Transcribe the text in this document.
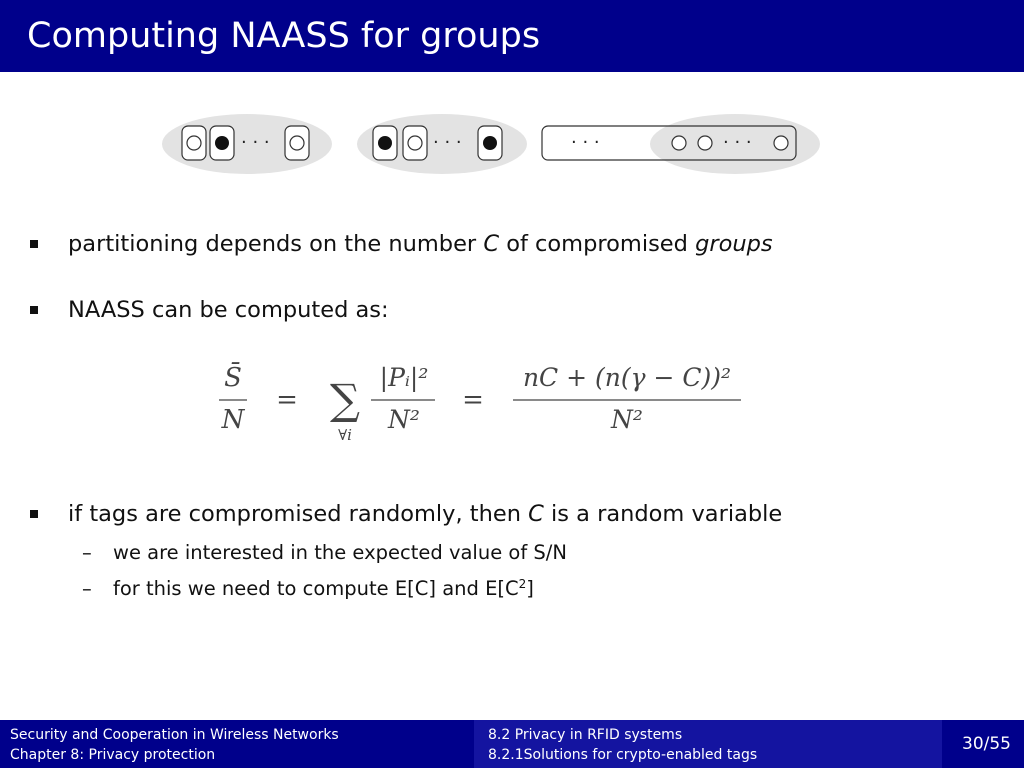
Computing NAASS for groups
· · ·	· · ·	· · ·	· · ·
partitioning depends on the number C of compromised groups
NAASS can be computed as:
S̄
N
= ∑
∀i
|Pᵢ|²
N²
=
nC + (n(γ − C))²
N²
if tags are compromised randomly, then C is a random variable
– we are interested in the expected value of S/N
– for this we need to compute E[C] and $E[C^2]$
Security and Cooperation in Wireless Networks
Chapter 8: Privacy protection
8.2 Privacy in RFID systems
8.2.1Solutions for crypto-enabled tags
30/55
